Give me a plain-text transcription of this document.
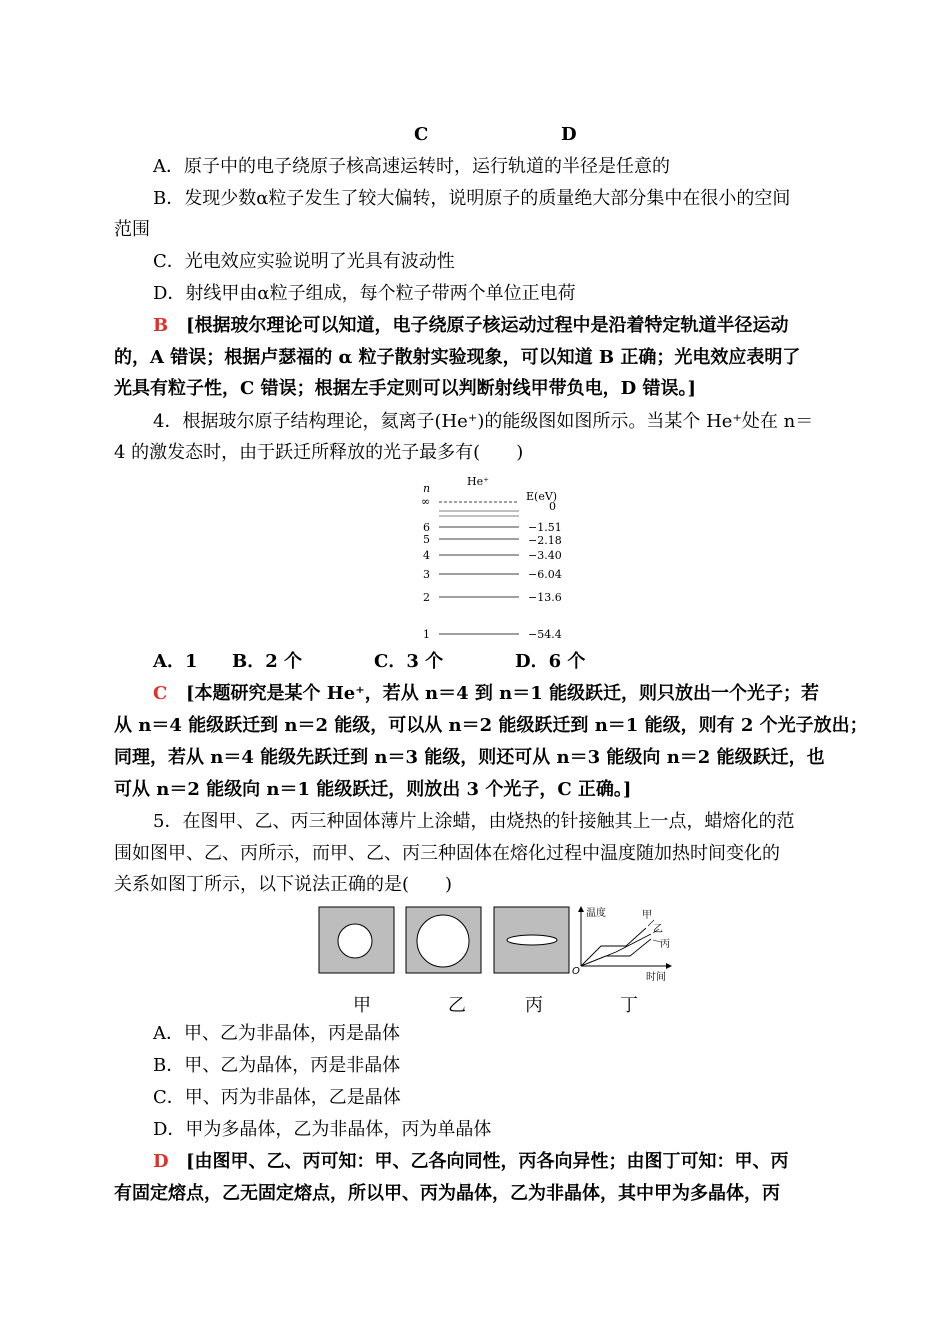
C	D
A．原子中的电子绕原子核高速运转时，运行轨道的半径是任意的
B．发现少数α粒子发生了较大偏转，说明原子的质量绝大部分集中在很小的空间
范围
C．光电效应实验说明了光具有波动性
D．射线甲由α粒子组成，每个粒子带两个单位正电荷
B [根据玻尔理论可以知道，电子绕原子核运动过程中是沿着特定轨道半径运动
的，A 错误；根据卢瑟福的 α 粒子散射实验现象，可以知道 B 正确；光电效应表明了
光具有粒子性，C 错误；根据左手定则可以判断射线甲带负电，D 错误。]
4．根据玻尔原子结构理论，氦离子(He⁺)的能级图如图所示。当某个 He⁺处在 n＝
4 的激发态时，由于跃迁所释放的光子最多有(　　)
He⁺
n
E(eV)
∞	0
6	−1.51
5	−2.18
4	−3.40
3	−6.04
2	−13.6
1	−54.4
A．1 B．2 个	C．3 个	D．6 个
C [本题研究是某个 He⁺，若从 n＝4 到 n＝1 能级跃迁，则只放出一个光子；若
从 n＝4 能级跃迁到 n＝2 能级，可以从 n＝2 能级跃迁到 n＝1 能级，则有 2 个光子放出；
同理，若从 n＝4 能级先跃迁到 n＝3 能级，则还可从 n＝3 能级向 n＝2 能级跃迁，也
可从 n＝2 能级向 n＝1 能级跃迁，则放出 3 个光子，C 正确。]
5．在图甲、乙、丙三种固体薄片上涂蜡，由烧热的针接触其上一点，蜡熔化的范
围如图甲、乙、丙所示，而甲、乙、丙三种固体在熔化过程中温度随加热时间变化的
关系如图丁所示，以下说法正确的是(　　)
温度
时间
O
甲
乙
丙
甲	乙	丙	丁
A．甲、乙为非晶体，丙是晶体
B．甲、乙为晶体，丙是非晶体
C．甲、丙为非晶体，乙是晶体
D．甲为多晶体，乙为非晶体，丙为单晶体
D [由图甲、乙、丙可知：甲、乙各向同性，丙各向异性；由图丁可知：甲、丙
有固定熔点，乙无固定熔点，所以甲、丙为晶体，乙为非晶体，其中甲为多晶体，丙
